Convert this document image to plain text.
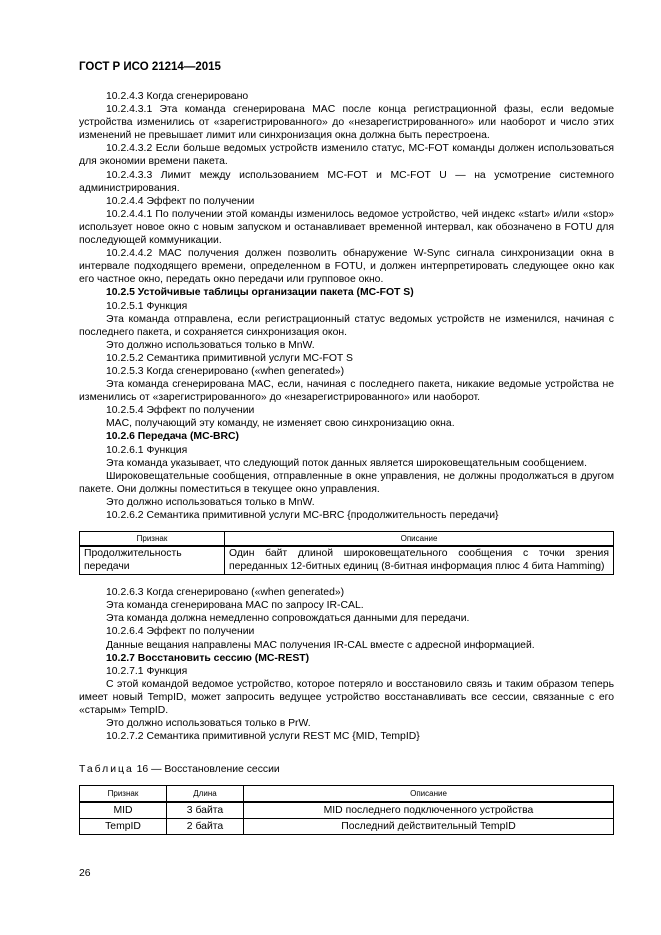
ГОСТ Р ИСО 21214—2015

10.2.4.3 Когда сгенерировано

10.2.4.3.1 Эта команда сгенерирована MAC после конца регистрационной фазы, если ведомые устройства изменились от «зарегистрированного» до «незарегистрированного» или наоборот и число этих изменений не превышает лимит или синхронизация окна должна быть перестроена.

10.2.4.3.2 Если больше ведомых устройств изменило статус, MC-FOT команды должен использоваться для экономии времени пакета.

10.2.4.3.3 Лимит между использованием MC-FOT и MC-FOT U — на усмотрение системного администрирования.

10.2.4.4 Эффект по получении

10.2.4.4.1 По получении этой команды изменилось ведомое устройство, чей индекс «start» и/или «stop» использует новое окно с новым запуском и останавливает временной интервал, как обозначено в FOTU для последующей коммуникации.

10.2.4.4.2 MAC получения должен позволить обнаружение W-Sync сигнала синхронизации окна в интервале подходящего времени, определенном в FOTU, и должен интерпретировать следующее окно как его частное окно, передать окно передачи или групповое окно.

10.2.5 Устойчивые таблицы организации пакета (MC-FOT S)

10.2.5.1 Функция

Эта команда отправлена, если регистрационный статус ведомых устройств не изменился, начиная с последнего пакета, и сохраняется синхронизация окон.

Это должно использоваться только в MnW.

10.2.5.2 Семантика примитивной услуги MC-FOT S

10.2.5.3 Когда сгенерировано («when generated»)

Эта команда сгенерирована MAC, если, начиная с последнего пакета, никакие ведомые устройства не изменились от «зарегистрированного» до «незарегистрированного» или наоборот.

10.2.5.4 Эффект по получении

MAC, получающий эту команду, не изменяет свою синхронизацию окна.

10.2.6 Передача (MC-BRC)

10.2.6.1 Функция

Эта команда указывает, что следующий поток данных является широковещательным сообщением.

Широковещательные сообщения, отправленные в окне управления, не должны продолжаться в другом пакете. Они должны поместиться в текущее окно управления.

Это должно использоваться только в MnW.

10.2.6.2 Семантика примитивной услуги MC-BRC {продолжительность передачи}

Признак	Описание
Продолжительность передачи	Один байт длиной широковещательного сообщения с точки зрения переданных 12-битных единиц (8-битная информация плюс 4 бита Hamming)

10.2.6.3 Когда сгенерировано («when generated»)

Эта команда сгенерирована MAC по запросу IR-CAL.

Эта команда должна немедленно сопровождаться данными для передачи.

10.2.6.4 Эффект по получении

Данные вещания направлены MAC получения IR-CAL вместе с адресной информацией.

10.2.7 Восстановить сессию (MC-REST)

10.2.7.1 Функция

С этой командой ведомое устройство, которое потеряло и восстановило связь и таким образом теперь имеет новый TempID, может запросить ведущее устройство восстанавливать все сессии, связанные с его «старым» TempID.

Это должно использоваться только в PrW.

10.2.7.2 Семантика примитивной услуги REST MC {MID, TempID}

Таблица 16 — Восстановление сессии
Признак	Длина	Описание
MID	3 байта	MID последнего подключенного устройства
TempID	2 байта	Последний действительный TempID
26
